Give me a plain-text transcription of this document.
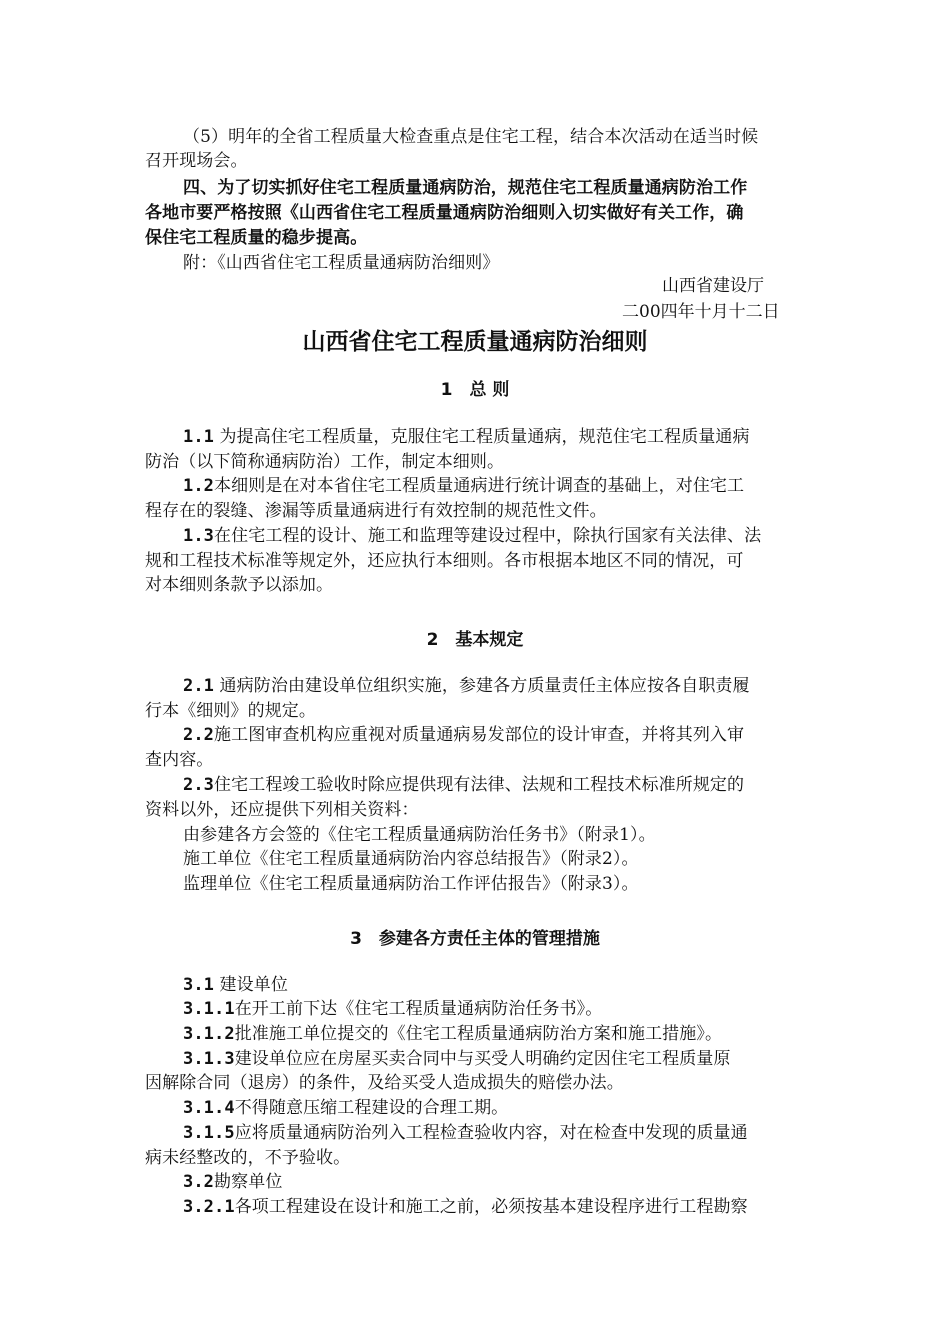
（5）明年的全省工程质量大检查重点是住宅工程，结合本次活动在适当时候
召开现场会。
四、为了切实抓好住宅工程质量通病防治，规范住宅工程质量通病防治工作
各地市要严格按照《山西省住宅工程质量通病防治细则入切实做好有关工作，确
保住宅工程质量的稳步提高。
附：《山西省住宅工程质量通病防治细则》
山西省建设厅
二00四年十月十二日
山西省住宅工程质量通病防治细则
1　总 则
1.1 为提高住宅工程质量，克服住宅工程质量通病，规范住宅工程质量通病
防治（以下简称通病防治）工作，制定本细则。
1.2本细则是在对本省住宅工程质量通病进行统计调查的基础上，对住宅工
程存在的裂缝、渗漏等质量通病进行有效控制的规范性文件。
1.3在住宅工程的设计、施工和监理等建设过程中，除执行国家有关法律、法
规和工程技术标准等规定外，还应执行本细则。各市根据本地区不同的情况，可
对本细则条款予以添加。
2　基本规定
2.1 通病防治由建设单位组织实施，参建各方质量责任主体应按各自职责履
行本《细则》的规定。
2.2施工图审查机构应重视对质量通病易发部位的设计审查，并将其列入审
查内容。
2.3住宅工程竣工验收时除应提供现有法律、法规和工程技术标准所规定的
资料以外，还应提供下列相关资料：
由参建各方会签的《住宅工程质量通病防治任务书》（附录1）。
施工单位《住宅工程质量通病防治内容总结报告》（附录2）。
监理单位《住宅工程质量通病防治工作评估报告》（附录3）。
3　参建各方责任主体的管理措施
3.1 建设单位
3.1.1在开工前下达《住宅工程质量通病防治任务书》。
3.1.2批准施工单位提交的《住宅工程质量通病防治方案和施工措施》。
3.1.3建设单位应在房屋买卖合同中与买受人明确约定因住宅工程质量原
因解除合同（退房）的条件，及给买受人造成损失的赔偿办法。
3.1.4不得随意压缩工程建设的合理工期。
3.1.5应将质量通病防治列入工程检查验收内容，对在检查中发现的质量通
病未经整改的，不予验收。
3.2勘察单位
3.2.1各项工程建设在设计和施工之前，必须按基本建设程序进行工程勘察
